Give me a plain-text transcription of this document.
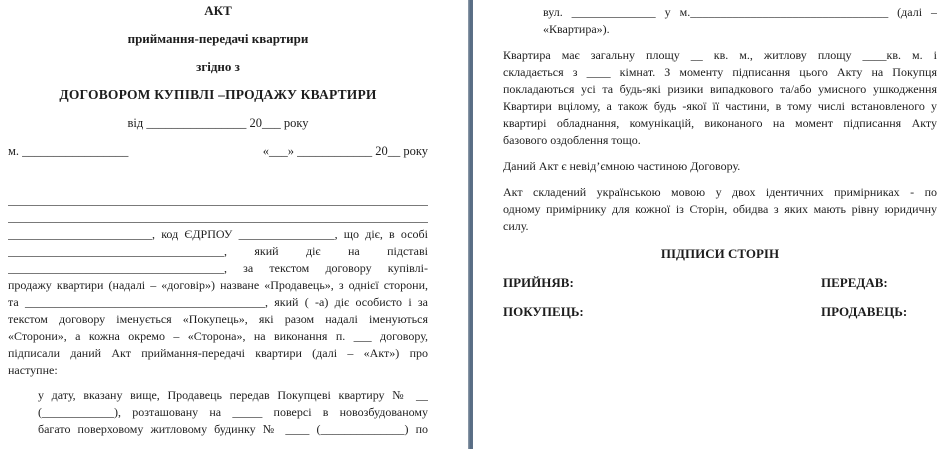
АКТ
приймання-передачі квартири
згідно з
ДОГОВОРОМ КУПІВЛІ –ПРОДАЖУ КВАРТИРИ
від ________________ 20___ року
м. _________________	«___» ____________ 20__ року
______________________________________________________________________
______________________________________________________________________
________________________, код ЄДРПОУ ________________, що діє, в особі
____________________________________, який діє на підставі
____________________________________, за текстом договору купівлі-
продажу квартири (надалі – «договір») назване «Продавець», з однієї сторони,
та ________________________________________, який ( -а) діє особисто і за
текстом договору іменується «Покупець», які разом надалі іменуються
«Сторони», а кожна окремо – «Сторона», на виконання п. ___ договору,
підписали даний Акт приймання-передачі квартири (далі – «Акт») про
наступне:
у дату, вказану вище, Продавець передав Покупцеві квартиру № __
(____________), розташовану на _____ поверсі в новозбудованому
багато поверховому житловому будинку № ____ (______________) по
вул. ______________ у м._________________________________ (далі –
«Квартира»).
Квартира має загальну площу __ кв. м., житлову площу ____кв. м. і
складається з ____ кімнат. З моменту підписання цього Акту на Покупця
покладаються усі та будь-які ризики випадкового та/або умисного ушкодження
Квартири вцілому, а також будь -якої її частини, в тому числі встановленого у
квартирі обладнання, комунікацій, виконаного на момент підписання Акту
базового оздоблення тощо.
Даний Акт є невід’ємною частиною Договору.
Акт складений українською мовою у двох ідентичних примірниках - по
одному примірнику для кожної із Сторін, обидва з яких мають рівну юридичну
силу.
ПІДПИСИ СТОРІН
ПРИЙНЯВ:	ПЕРЕДАВ:
ПОКУПЕЦЬ:	ПРОДАВЕЦЬ:
